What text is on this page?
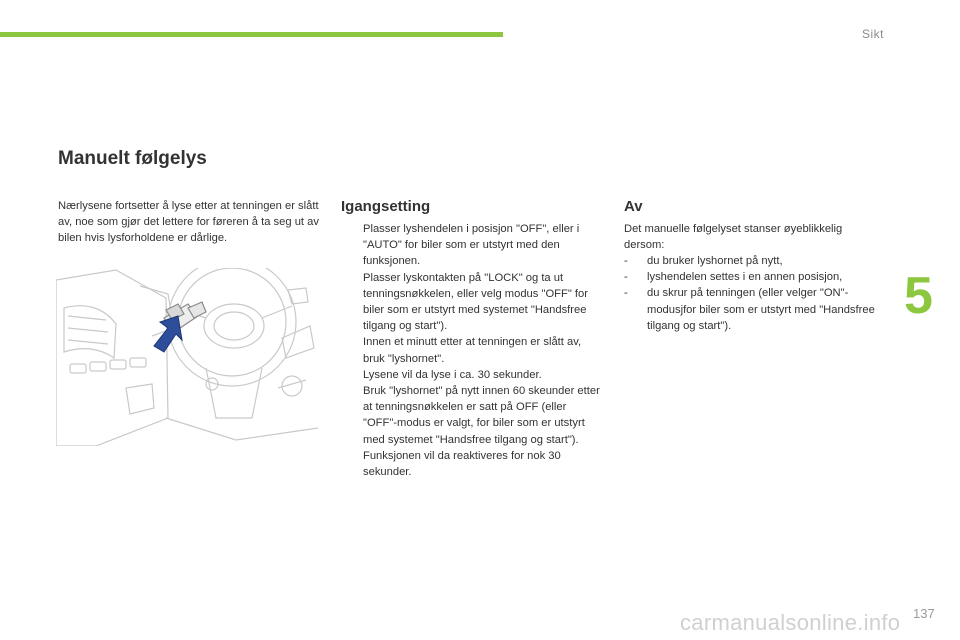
Sikt
5
Manuelt følgelys

Nærlysene fortsetter å lyse etter at tenningen er slått av, noe som gjør det lettere for føreren å ta seg ut av bilen hvis lysforholdene er dårlige.

Igangsetting
Plasser lyshendelen i posisjon "OFF", eller i "AUTO" for biler som er utstyrt med den funksjonen.
Plasser lyskontakten på "LOCK" og ta ut tenningsnøkkelen, eller velg modus "OFF" for biler som er utstyrt med systemet "Handsfree tilgang og start").
Innen et minutt etter at tenningen er slått av, bruk "lyshornet".
Lysene vil da lyse i ca. 30 sekunder.
Bruk "lyshornet" på nytt innen 60 skeunder etter at tenningsnøkkelen er satt på OFF (eller "OFF"-modus er valgt, for biler som er utstyrt med systemet "Handsfree tilgang og start"). Funksjonen vil da reaktiveres for nok 30 sekunder.
Av

Det manuelle følgelyset stanser øyeblikkelig dersom:

- du bruker lyshornet på nytt,
- lyshendelen settes i en annen posisjon,
- du skrur på tenningen (eller velger "ON"-modusjfor biler som er utstyrt med "Handsfree tilgang og start").
carmanualsonline.info 137
